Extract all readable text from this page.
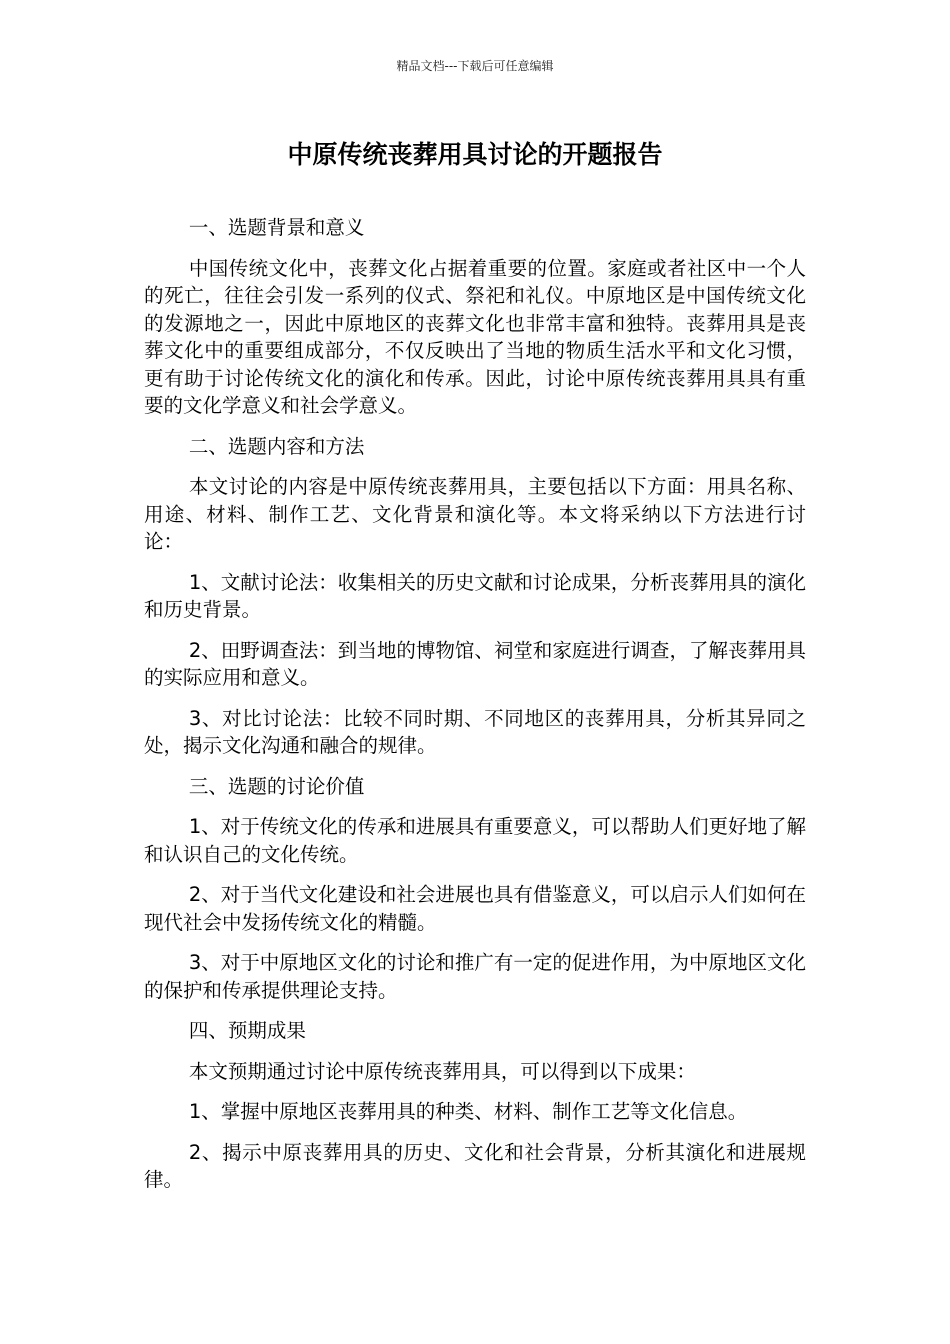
精品文档---下载后可任意编辑
中原传统丧葬用具讨论的开题报告

一、选题背景和意义

中国传统文化中，丧葬文化占据着重要的位置。家庭或者社区中一个人的死亡，往往会引发一系列的仪式、祭祀和礼仪。中原地区是中国传统文化的发源地之一，因此中原地区的丧葬文化也非常丰富和独特。丧葬用具是丧葬文化中的重要组成部分，不仅反映出了当地的物质生活水平和文化习惯，更有助于讨论传统文化的演化和传承。因此，讨论中原传统丧葬用具具有重要的文化学意义和社会学意义。

二、选题内容和方法

本文讨论的内容是中原传统丧葬用具，主要包括以下方面：用具名称、用途、材料、制作工艺、文化背景和演化等。本文将采纳以下方法进行讨论：

1、文献讨论法：收集相关的历史文献和讨论成果，分析丧葬用具的演化和历史背景。

2、田野调查法：到当地的博物馆、祠堂和家庭进行调查，了解丧葬用具的实际应用和意义。

3、对比讨论法：比较不同时期、不同地区的丧葬用具，分析其异同之处，揭示文化沟通和融合的规律。

三、选题的讨论价值

1、对于传统文化的传承和进展具有重要意义，可以帮助人们更好地了解和认识自己的文化传统。

2、对于当代文化建设和社会进展也具有借鉴意义，可以启示人们如何在现代社会中发扬传统文化的精髓。

3、对于中原地区文化的讨论和推广有一定的促进作用，为中原地区文化的保护和传承提供理论支持。

四、预期成果

本文预期通过讨论中原传统丧葬用具，可以得到以下成果：

1、掌握中原地区丧葬用具的种类、材料、制作工艺等文化信息。

2、揭示中原丧葬用具的历史、文化和社会背景，分析其演化和进展规律。
